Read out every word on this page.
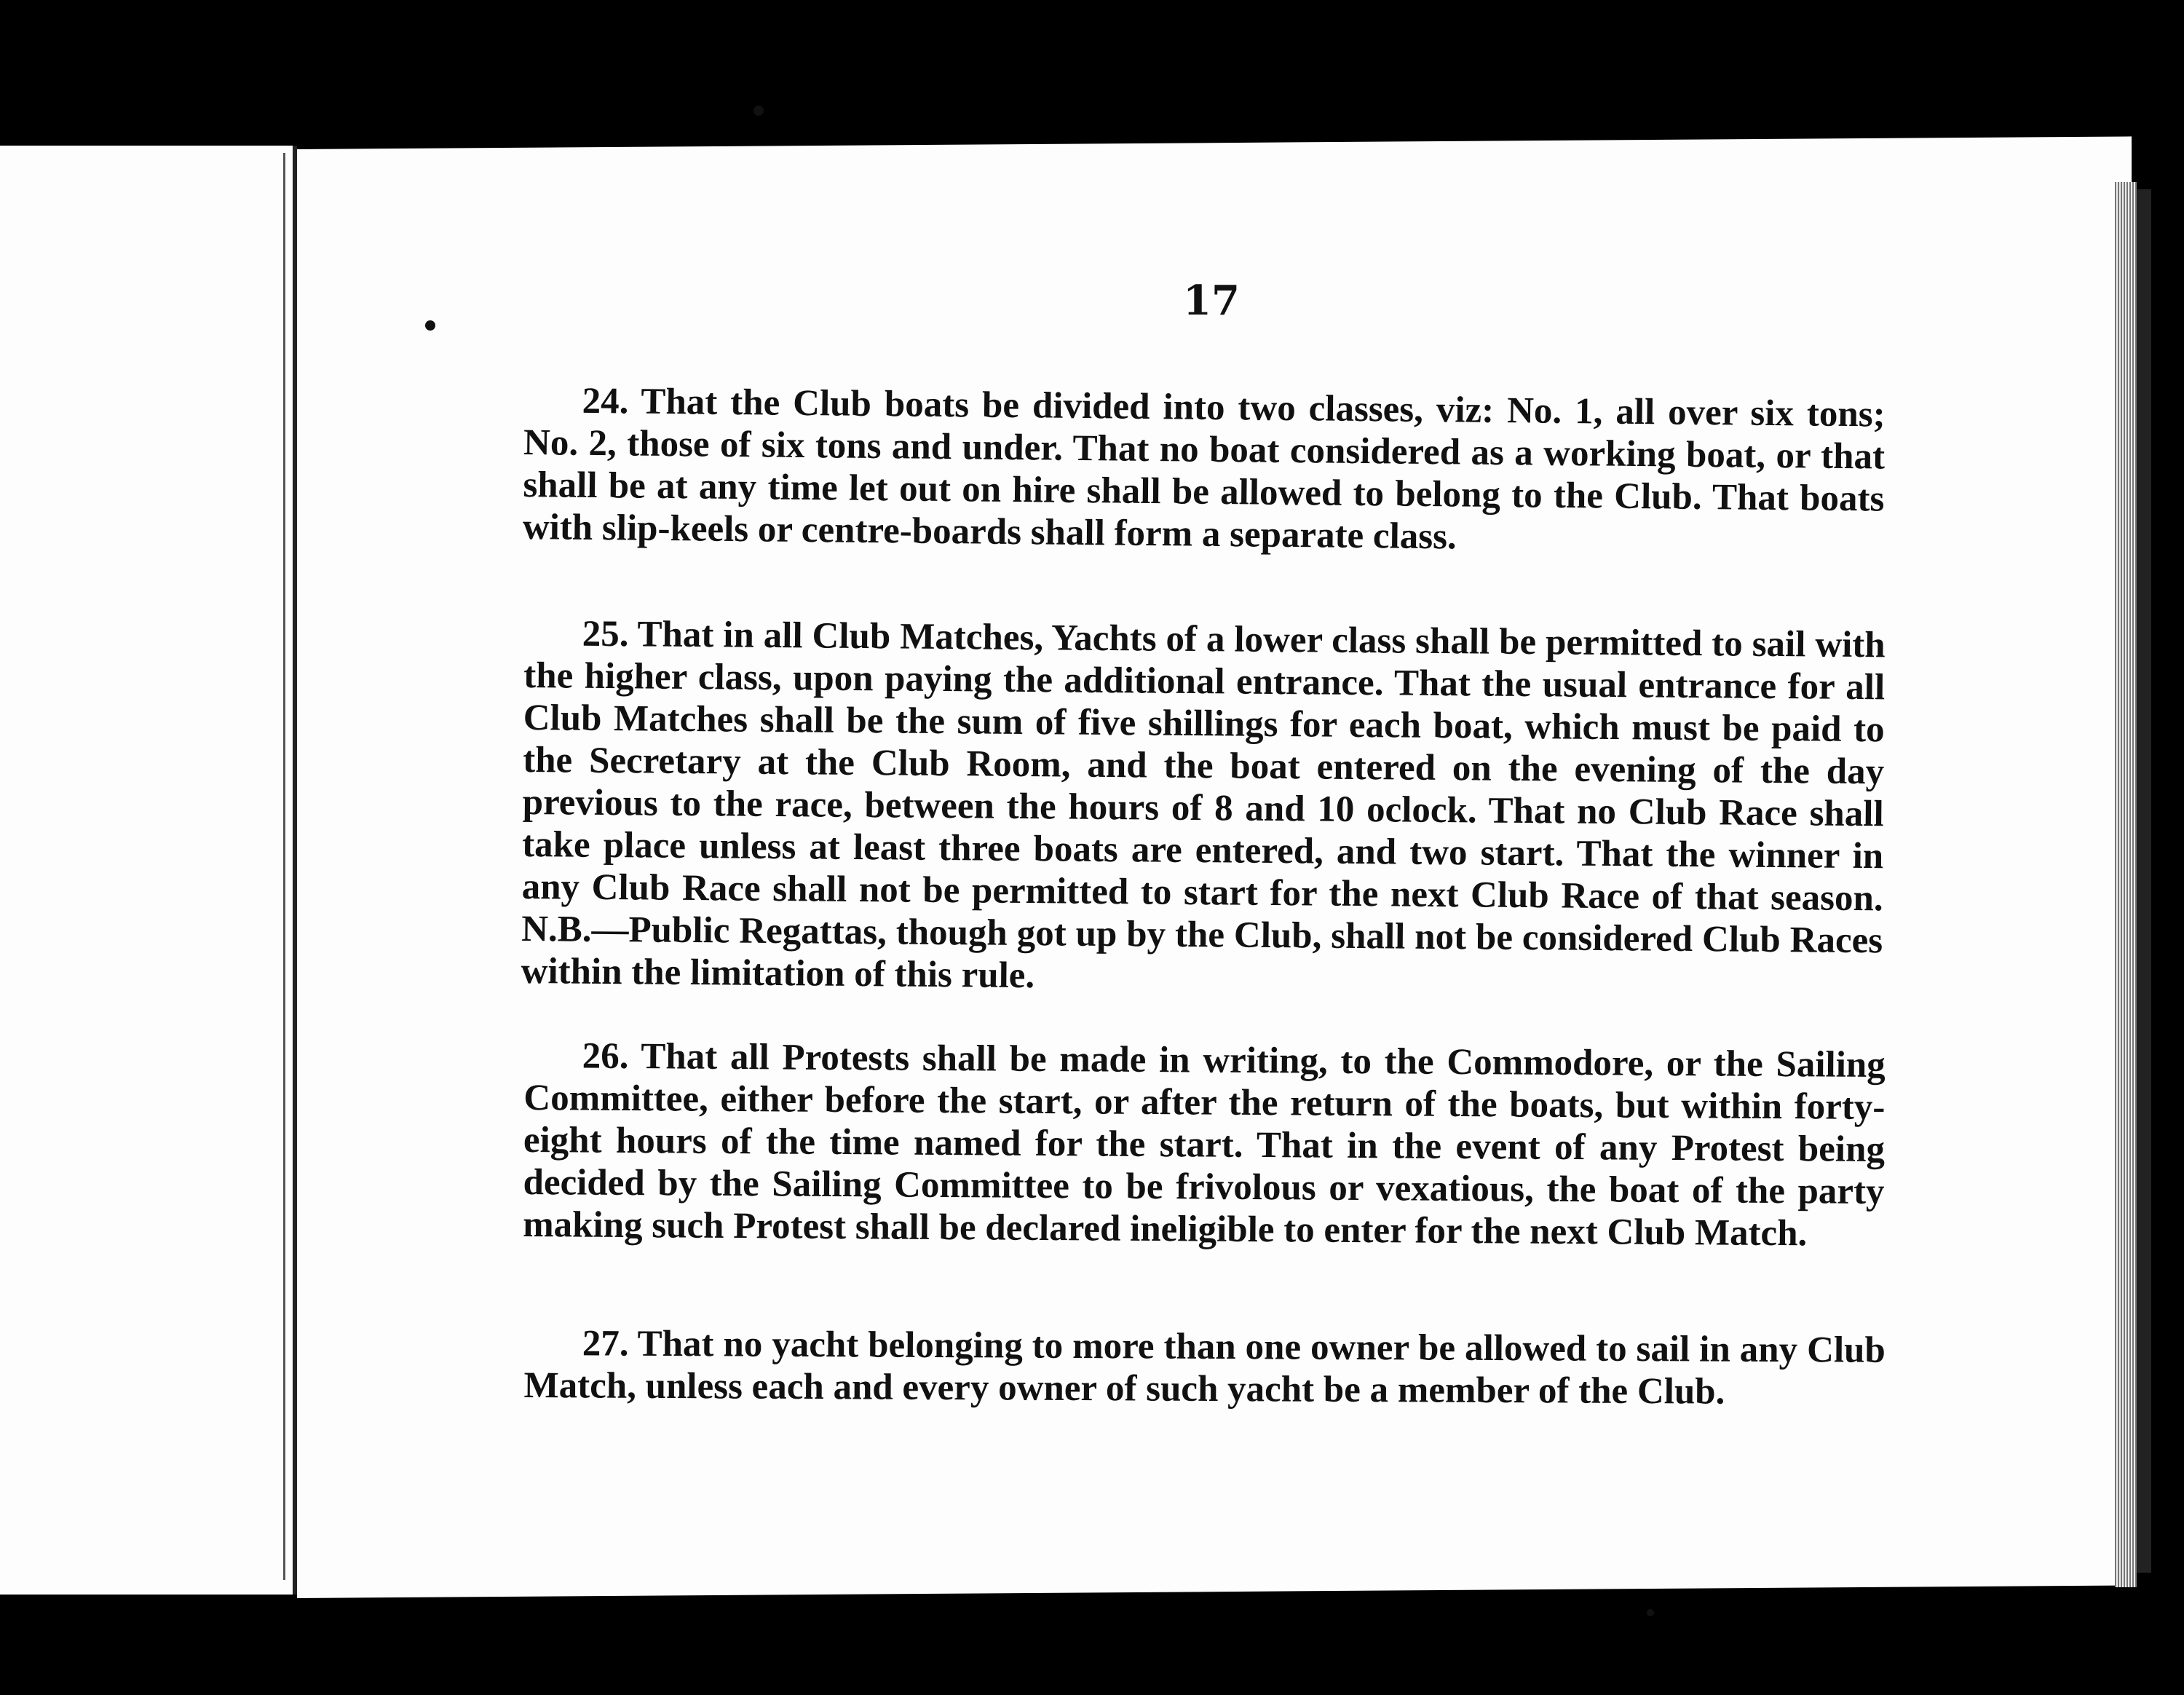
17

24. That the Club boats be divided into two classes, viz: No. 1, all over six tons; No. 2, those of six tons and under. That no boat considered as a working boat, or that shall be at any time let out on hire shall be allowed to belong to the Club. That boats with slip-keels or centre-boards shall form a separate class.

25. That in all Club Matches, Yachts of a lower class shall be permitted to sail with the higher class, upon paying the additional entrance. That the usual entrance for all Club Matches shall be the sum of five shillings for each boat, which must be paid to the Secretary at the Club Room, and the boat entered on the evening of the day previous to the race, between the hours of 8 and 10 oclock. That no Club Race shall take place unless at least three boats are entered, and two start. That the winner in any Club Race shall not be permitted to start for the next Club Race of that season. N.B.—Public Regattas, though got up by the Club, shall not be considered Club Races within the limitation of this rule.

26. That all Protests shall be made in writing, to the Commodore, or the Sailing Committee, either before the start, or after the return of the boats, but within forty-eight hours of the time named for the start. That in the event of any Protest being decided by the Sailing Committee to be frivolous or vexatious, the boat of the party making such Protest shall be declared ineligible to enter for the next Club Match.

27. That no yacht belonging to more than one owner be allowed to sail in any Club Match, unless each and every owner of such yacht be a member of the Club.
